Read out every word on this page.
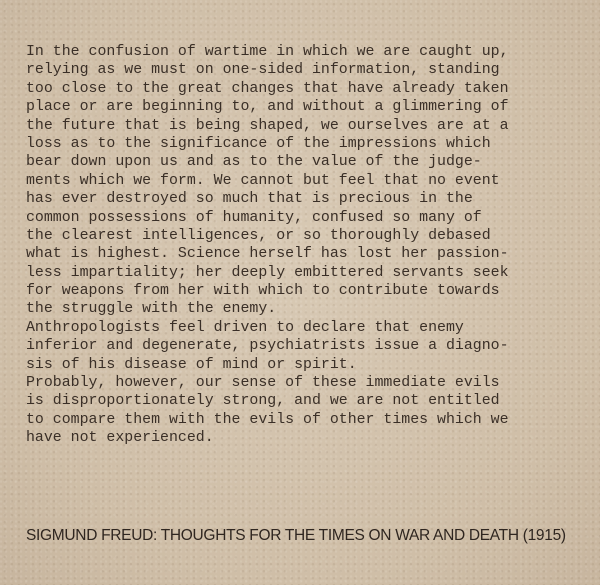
In the confusion of wartime in which we are caught up,
relying as we must on one-sided information, standing
too close to the great changes that have already taken
place or are beginning to, and without a glimmering of
the future that is being shaped, we ourselves are at a
loss as to the significance of the impressions which
bear down upon us and as to the value of the judge-
ments which we form. We cannot but feel that no event
has ever destroyed so much that is precious in the
common possessions of humanity, confused so many of
the clearest intelligences, or so thoroughly debased
what is highest. Science herself has lost her passion-
less impartiality; her deeply embittered servants seek
for weapons from her with which to contribute towards
the struggle with the enemy.
Anthropologists feel driven to declare that enemy
inferior and degenerate, psychiatrists issue a diagno-
sis of his disease of mind or spirit.
Probably, however, our sense of these immediate evils
is disproportionately strong, and we are not entitled
to compare them with the evils of other times which we
have not experienced.
SIGMUND FREUD: THOUGHTS FOR THE TIMES ON WAR AND DEATH (1915)
